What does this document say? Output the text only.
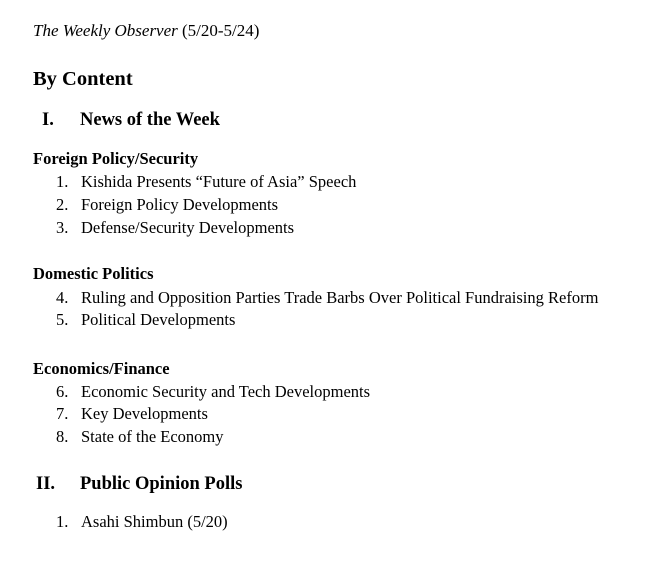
The Weekly Observer (5/20-5/24)
By Content
I. News of the Week
Foreign Policy/Security
1. Kishida Presents “Future of Asia” Speech
2. Foreign Policy Developments
3. Defense/Security Developments
Domestic Politics
4. Ruling and Opposition Parties Trade Barbs Over Political Fundraising Reform
5. Political Developments
Economics/Finance
6. Economic Security and Tech Developments
7. Key Developments
8. State of the Economy
II. Public Opinion Polls
1. Asahi Shimbun (5/20)
